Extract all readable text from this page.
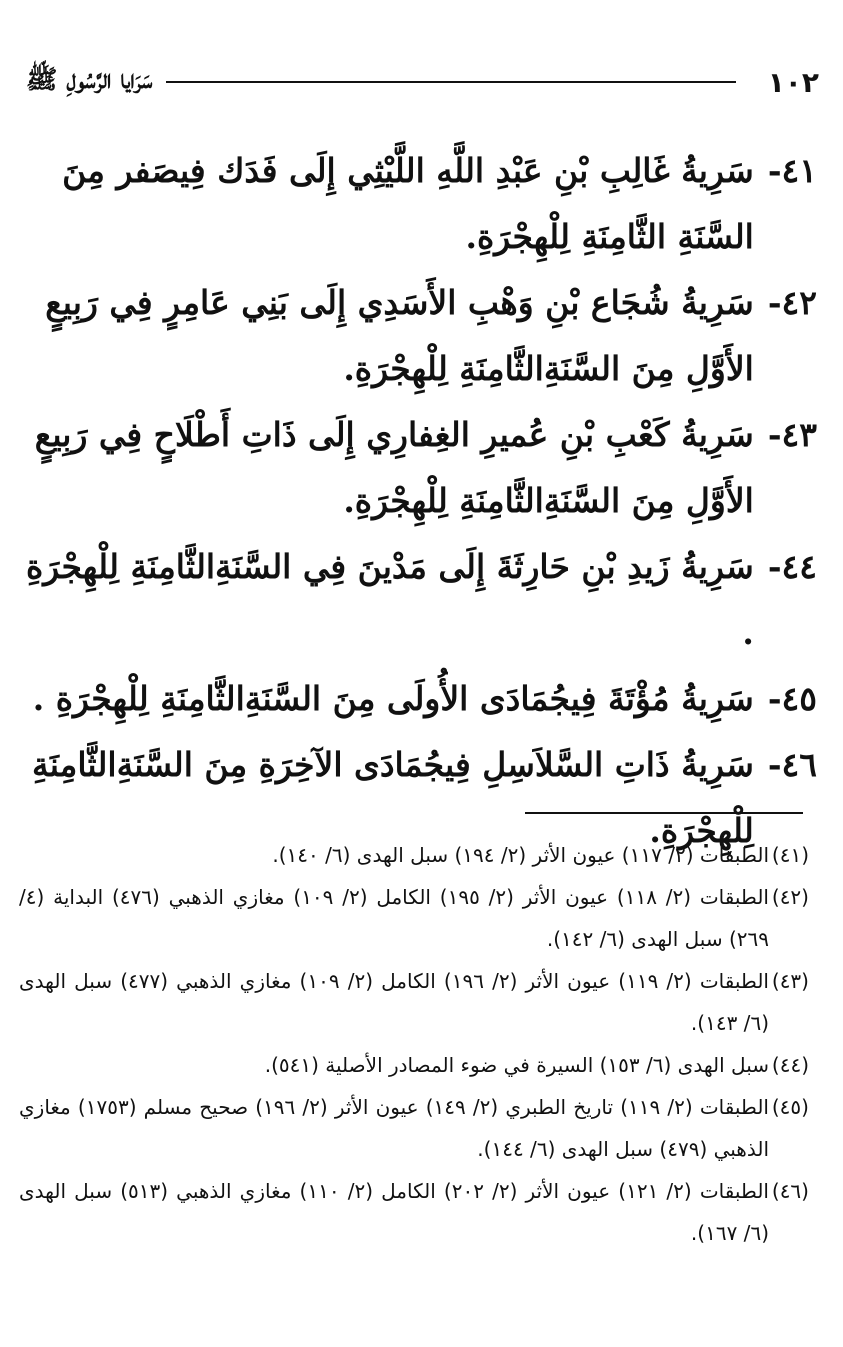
١٠٢
سَرَايا الرَّسُولِ ﷺ
٤١-
سَرِيةُ غَالِبِ بْنِ عَبْدِ اللَّهِ اللَّيْثِي إِلَى فَدَك فِيصَفر مِنَ السَّنَةِ الثَّامِنَةِ لِلْهِجْرَةِ.
٤٢-
سَرِيةُ شُجَاع بْنِ وَهْبِ الأَسَدِي إِلَى بَنِي عَامِرٍ فِي رَبِيعٍ الأَوَّلِ مِنَ السَّنَةِالثَّامِنَةِ لِلْهِجْرَةِ.
٤٣-
سَرِيةُ كَعْبِ بْنِ عُميرِ الغِفارِي إِلَى ذَاتِ أَطْلَاحٍ فِي رَبِيعٍ الأَوَّلِ مِنَ السَّنَةِالثَّامِنَةِ لِلْهِجْرَةِ.
٤٤-
سَرِيةُ زَيدِ بْنِ حَارِثَةَ إِلَى مَدْينَ فِي السَّنَةِالثَّامِنَةِ لِلْهِجْرَةِ .
٤٥-
سَرِيةُ مُؤْتَةَ فِيجُمَادَى الأُولَى مِنَ السَّنَةِالثَّامِنَةِ لِلْهِجْرَةِ .
٤٦-
سَرِيةُ ذَاتِ السَّلاَسِلِ فِيجُمَادَى الآخِرَةِ مِنَ السَّنَةِالثَّامِنَةِ لِلْهِجْرَةِ.
(٤١)الطبقات (٢/ ١١٧) عيون الأثر (٢/ ١٩٤) سبل الهدى (٦/ ١٤٠).
(٤٢)الطبقات (٢/ ١١٨) عيون الأثر (٢/ ١٩٥) الكامل (٢/ ١٠٩) مغازي الذهبي (٤٧٦) البداية (٤/ ٢٦٩) سبل الهدى (٦/ ١٤٢).
(٤٣)الطبقات (٢/ ١١٩) عيون الأثر (٢/ ١٩٦) الكامل (٢/ ١٠٩) مغازي الذهبي (٤٧٧) سبل الهدى (٦/ ١٤٣).
(٤٤)سبل الهدى (٦/ ١٥٣) السيرة في ضوء المصادر الأصلية (٥٤١).
(٤٥)الطبقات (٢/ ١١٩) تاريخ الطبري (٢/ ١٤٩) عيون الأثر (٢/ ١٩٦) صحيح مسلم (١٧٥٣) مغازي الذهبي (٤٧٩) سبل الهدى (٦/ ١٤٤).
(٤٦)الطبقات (٢/ ١٢١) عيون الأثر (٢/ ٢٠٢) الكامل (٢/ ١١٠) مغازي الذهبي (٥١٣) سبل الهدى (٦/ ١٦٧).
